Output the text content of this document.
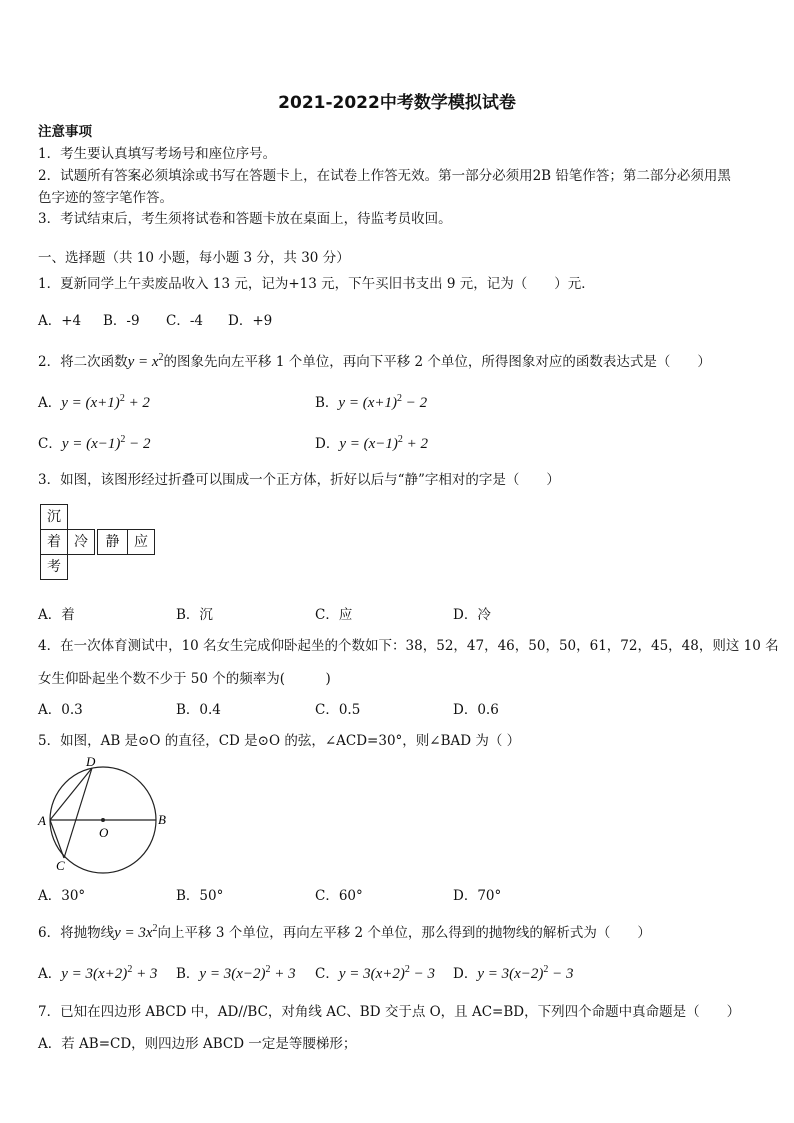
2021-2022中考数学模拟试卷
注意事项
1．考生要认真填写考场号和座位序号。
2．试题所有答案必须填涂或书写在答题卡上，在试卷上作答无效。第一部分必须用2B 铅笔作答；第二部分必须用黑
色字迹的签字笔作答。
3．考试结束后，考生须将试卷和答题卡放在桌面上，待监考员收回。
一、选择题（共 10 小题，每小题 3 分，共 30 分）
1．夏新同学上午卖废品收入 13 元，记为+13 元，下午买旧书支出 9 元，记为（　　）元．
A．+4 B．-9 C．-4 D．+9
2．将二次函数$y = x^2$的图象先向左平移 1 个单位，再向下平移 2 个单位，所得图象对应的函数表达式是（　　）
A．$y = (x+1)^2 + 2$	B．$y = (x+1)^2 - 2$
C．$y = (x-1)^2 - 2$	D．$y = (x-1)^2 + 2$
3．如图，该图形经过折叠可以围成一个正方体，折好以后与“静”字相对的字是（　　）
沉
着 冷	静	应
考
A．着	B．沉	C．应	D．冷
4．在一次体育测试中，10 名女生完成仰卧起坐的个数如下：38，52，47，46，50，50，61，72，45，48，则这 10 名
女生仰卧起坐个数不少于 50 个的频率为(　　　)
A．0.3	B．0.4	C．0.5	D．0.6
5．如图，AB 是⊙O 的直径，CD 是⊙O 的弦，∠ACD=30°，则∠BAD 为（ ）
A	B
C
D
O
A．30°	B．50°	C．60°	D．70°
6．将抛物线$y = 3x^2$向上平移 3 个单位，再向左平移 2 个单位，那么得到的抛物线的解析式为（　　）
A．$y = 3(x+2)^2 + 3$ B．$y = 3(x-2)^2 + 3$ C．$y = 3(x+2)^2 - 3$ D．$y = 3(x-2)^2 - 3$
7．已知在四边形 ABCD 中，AD//BC，对角线 AC、BD 交于点 O，且 AC=BD，下列四个命题中真命题是（　　）
A．若 AB=CD，则四边形 ABCD 一定是等腰梯形；
